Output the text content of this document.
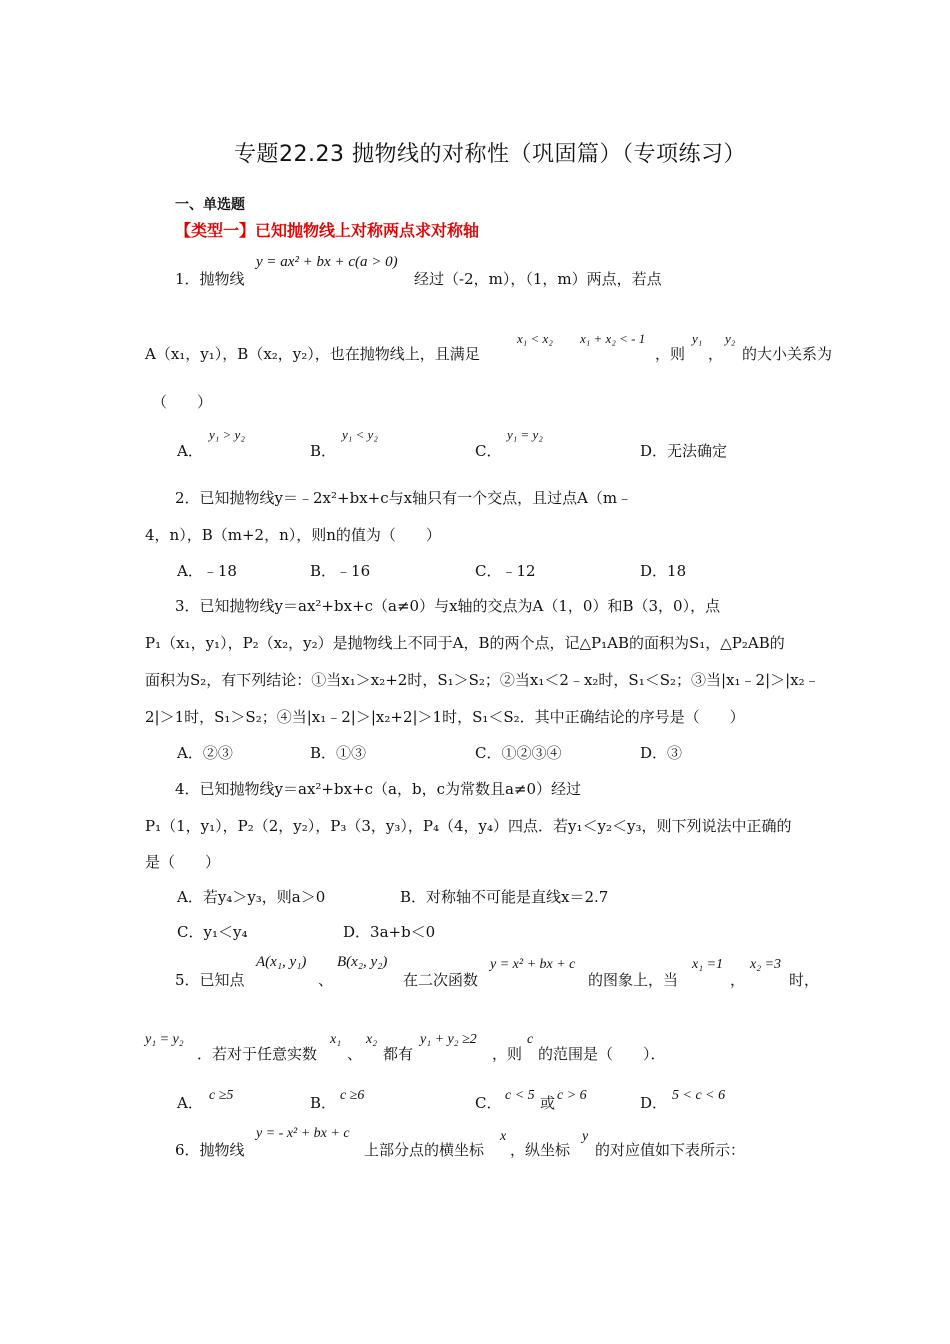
专题22.23 抛物线的对称性（巩固篇）（专项练习）
一、单选题
【类型一】已知抛物线上对称两点求对称轴
1．抛物线
y = ax² + bx + c(a > 0)
经过（-2，m），（1，m）两点，若点
A（x₁，y₁），B（x₂，y₂），也在抛物线上，且满足
x₁ < x₂ x₁ + x₂ < - 1
，则
y₁
，
y₂
的大小关系为
（　　）
A．
y₁ > y₂
B．
y₁ < y₂
C．
y₁ = y₂
D．无法确定
2．已知抛物线y＝﹣2x²+bx+c与x轴只有一个交点，且过点A（m﹣
4，n），B（m+2，n），则n的值为（　　）
A．﹣18	B．﹣16	C．﹣12	D．18
3．已知抛物线y＝ax²+bx+c（a≠0）与x轴的交点为A（1，0）和B（3，0），点
P₁（x₁，y₁），P₂（x₂，y₂）是抛物线上不同于A，B的两个点，记△P₁AB的面积为S₁，△P₂AB的
面积为S₂，有下列结论：①当x₁＞x₂+2时，S₁＞S₂；②当x₁＜2﹣x₂时，S₁＜S₂；③当|x₁﹣2|＞|x₂﹣
2|＞1时，S₁＞S₂；④当|x₁﹣2|＞|x₂+2|＞1时，S₁＜S₂．其中正确结论的序号是（　　）
A．②③	B．①③	C．①②③④	D．③
4．已知抛物线y＝ax²+bx+c（a，b，c为常数且a≠0）经过
P₁（1，y₁），P₂（2，y₂），P₃（3，y₃），P₄（4，y₄）四点．若y₁＜y₂＜y₃，则下列说法中正确的
是（　　）
A．若y₄＞y₃，则a＞0	B．对称轴不可能是直线x＝2.7
C．y₁＜y₄	D．3a+b＜0
5．已知点
A(x₁, y₁)
、
B(x₂, y₂)
在二次函数
y = x² + bx + c
的图象上，当
x₁ =1
，
x₂ =3
时，
y₁ = y₂
．若对于任意实数
x₁
、
x₂
都有
y₁ + y₂ ≥2
，则
c
的范围是（　　）．
A． c ≥5	B． c ≥6	C． c < 5 或 c > 6	D． 5 < c < 6
6．抛物线
y = - x² + bx + c
上部分点的横坐标
x
，纵坐标
y
的对应值如下表所示：
